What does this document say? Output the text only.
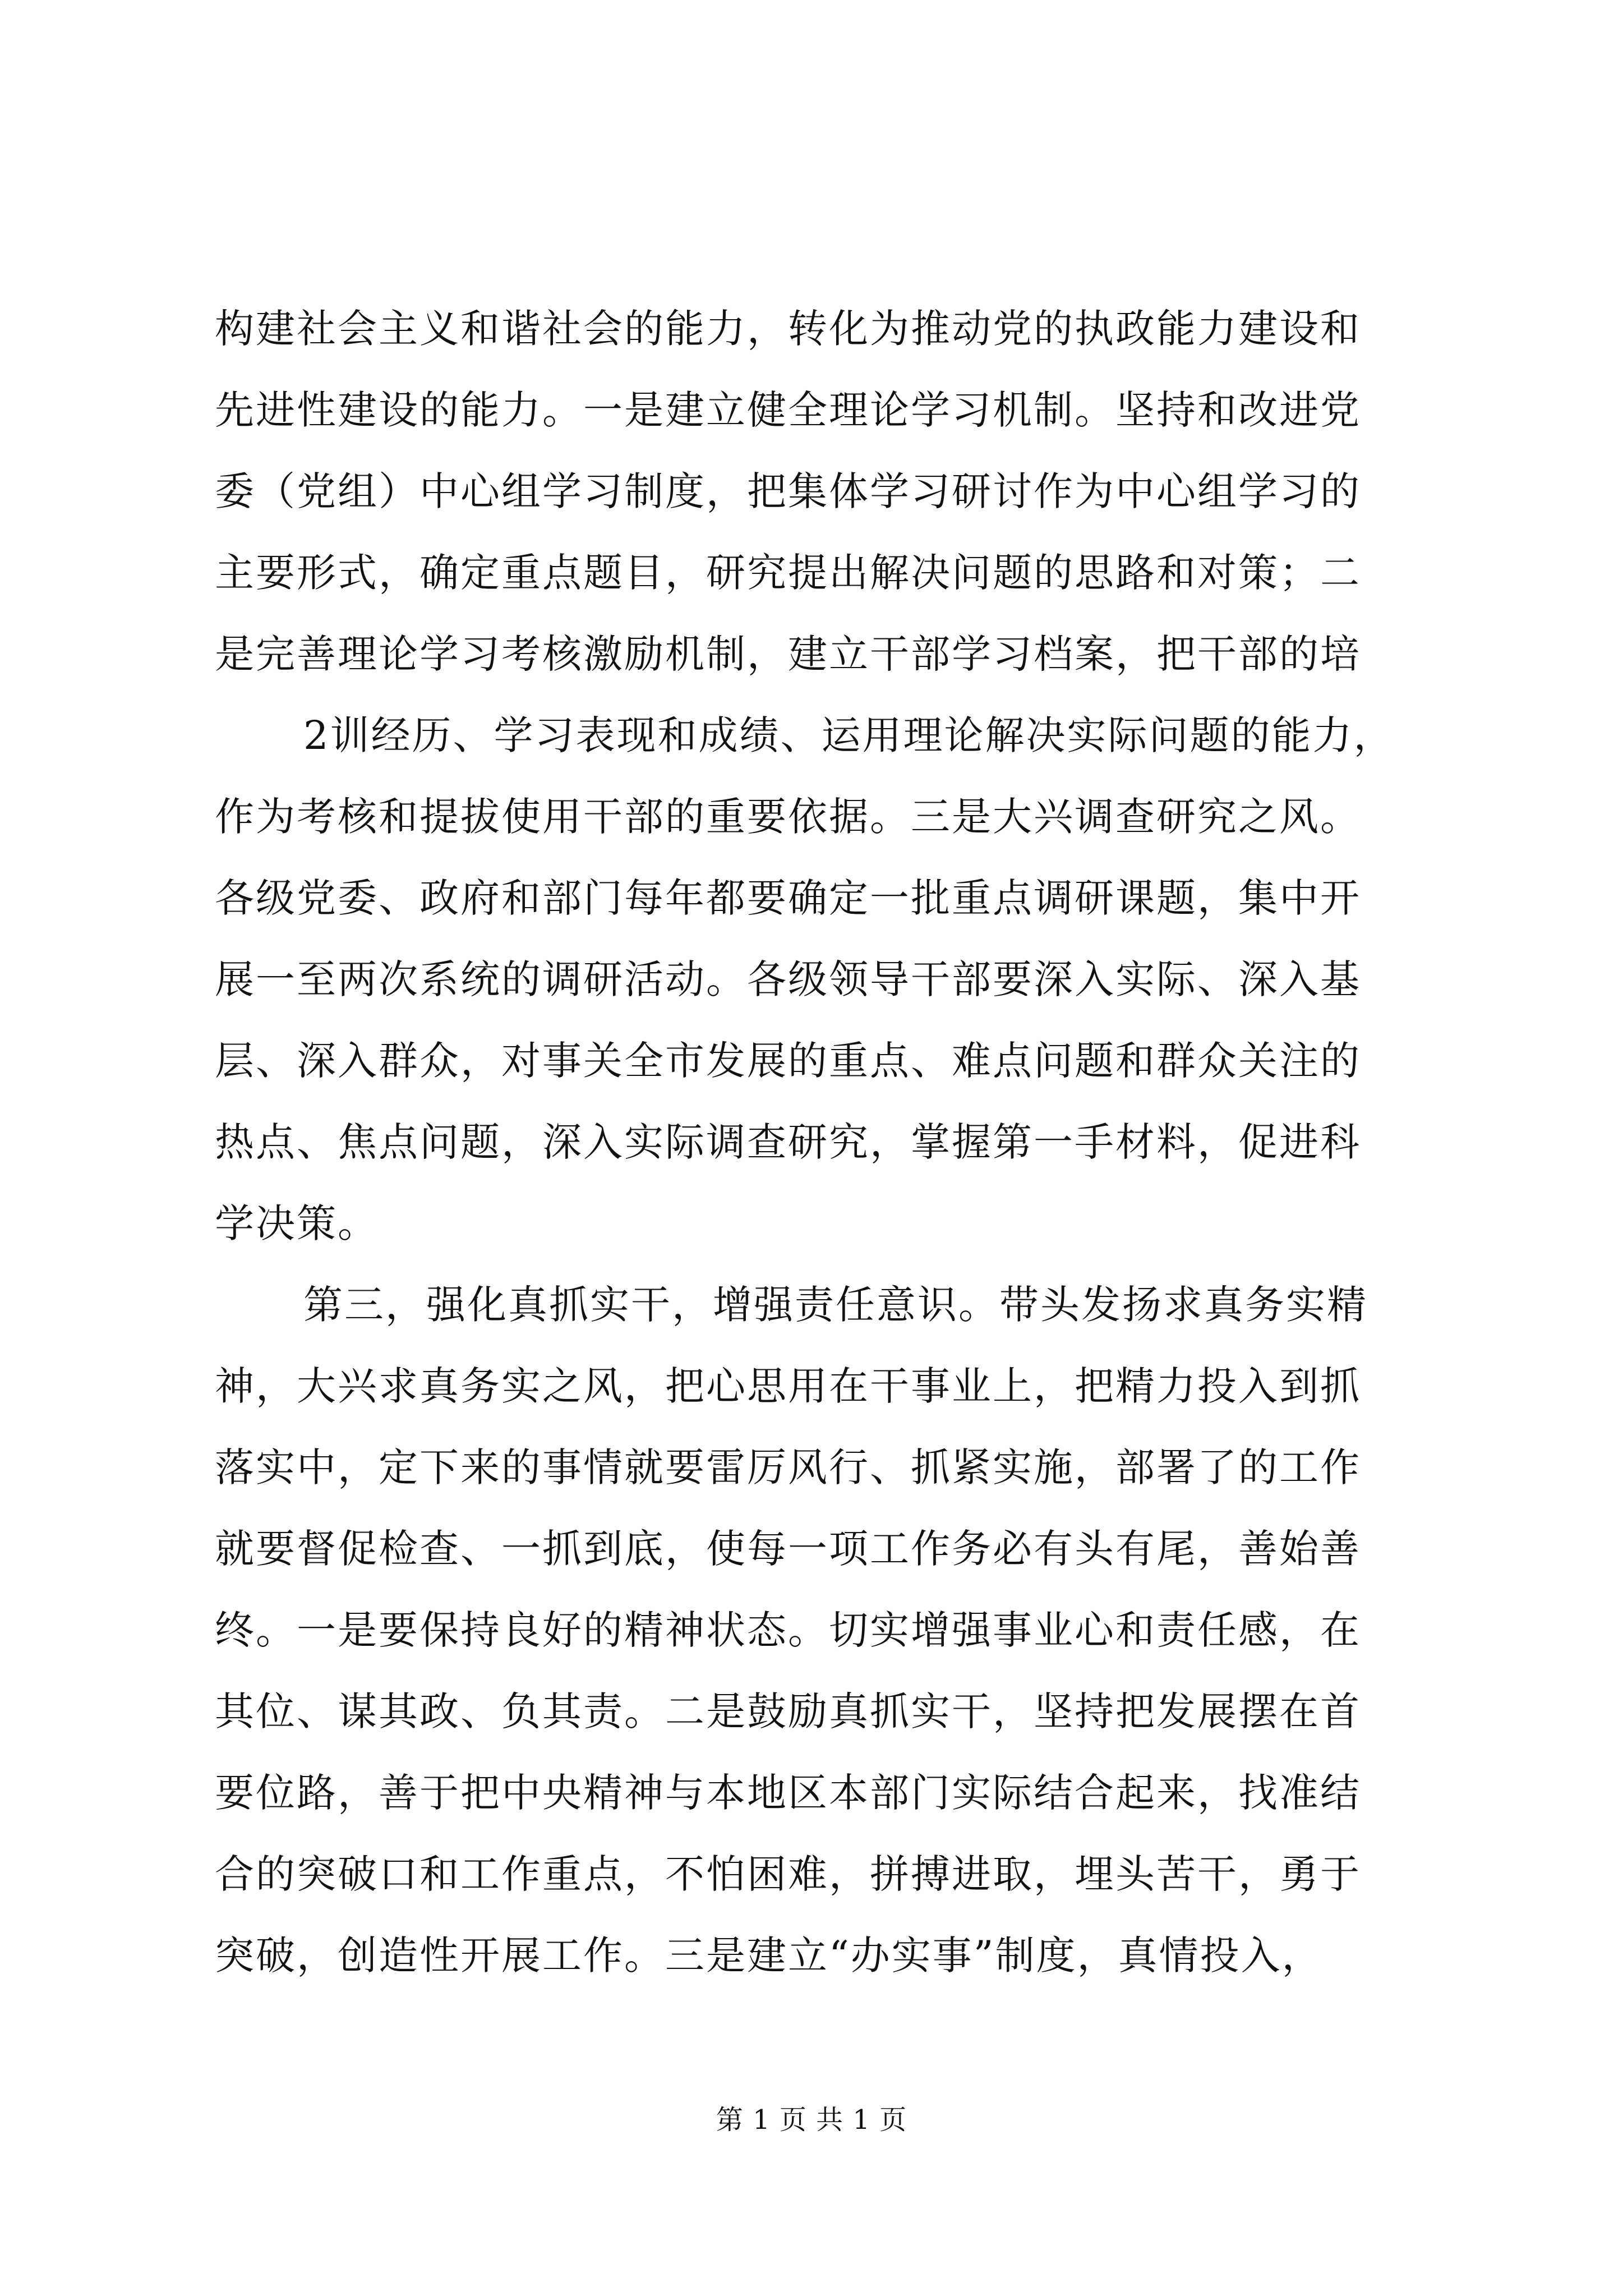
构建社会主义和谐社会的能力，转化为推动党的执政能力建设和
先进性建设的能力。一是建立健全理论学习机制。坚持和改进党
委（党组）中心组学习制度，把集体学习研讨作为中心组学习的
主要形式，确定重点题目，研究提出解决问题的思路和对策；二
是完善理论学习考核激励机制，建立干部学习档案，把干部的培
2训经历、学习表现和成绩、运用理论解决实际问题的能力，
作为考核和提拔使用干部的重要依据。三是大兴调查研究之风。
各级党委、政府和部门每年都要确定一批重点调研课题，集中开
展一至两次系统的调研活动。各级领导干部要深入实际、深入基
层、深入群众，对事关全市发展的重点、难点问题和群众关注的
热点、焦点问题，深入实际调查研究，掌握第一手材料，促进科
学决策。
第三，强化真抓实干，增强责任意识。带头发扬求真务实精
神，大兴求真务实之风，把心思用在干事业上，把精力投入到抓
落实中，定下来的事情就要雷厉风行、抓紧实施，部署了的工作
就要督促检查、一抓到底，使每一项工作务必有头有尾，善始善
终。一是要保持良好的精神状态。切实增强事业心和责任感，在
其位、谋其政、负其责。二是鼓励真抓实干，坚持把发展摆在首
要位路，善于把中央精神与本地区本部门实际结合起来，找准结
合的突破口和工作重点，不怕困难，拼搏进取，埋头苦干，勇于
突破，创造性开展工作。三是建立“办实事”制度，真情投入，
第 1 页 共 1 页
